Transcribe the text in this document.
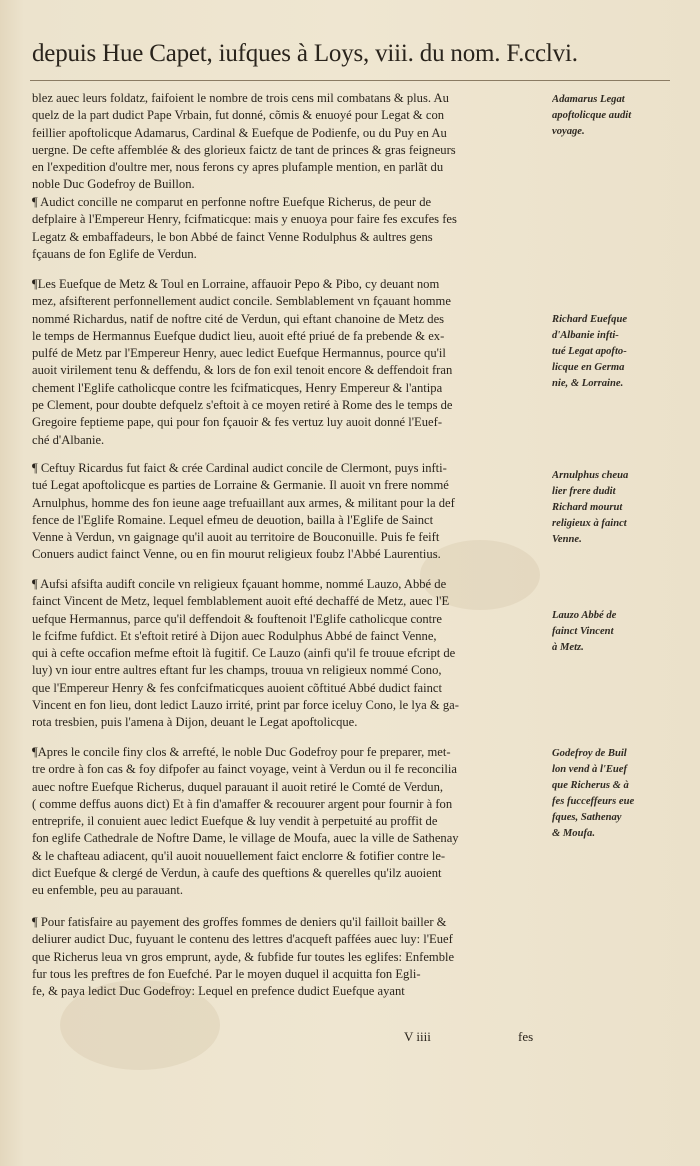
depuis Hue Capet, iufques à Loys, viii. du nom. F.cclvi.
blez auec leurs foldatz, faifoient le nombre de trois cens mil combatans & plus. Au
quelz de la part dudict Pape Vrbain, fut donné, cõmis & enuoyé pour Legat & con
feillier apoftolicque Adamarus, Cardinal & Euefque de Podienfe, ou du Puy en Au
uergne. De cefte affemblée & des glorieux faictz de tant de princes & gras feigneurs
en l'expedition d'oultre mer, nous ferons cy apres plufample mention, en parlãt du
noble Duc Godefroy de Buillon.
¶ Audict concille ne comparut en perfonne noftre Euefque Richerus, de peur de
defplaire à l'Empereur Henry, fcifmaticque: mais y enuoya pour faire fes excufes fes
Legatz & embaffadeurs, le bon Abbé de fainct Venne Rodulphus & aultres gens
fçauans de fon Eglife de Verdun.
¶Les Euefque de Metz & Toul en Lorraine, affauoir Pepo & Pibo, cy deuant nom
mez, afsifterent perfonnellement audict concile. Semblablement vn fçauant homme
nommé Richardus, natif de noftre cité de Verdun, qui eftant chanoine de Metz des
le temps de Hermannus Euefque dudict lieu, auoit efté priué de fa prebende & ex-
pulfé de Metz par l'Empereur Henry, auec ledict Euefque Hermannus, pource qu'il
auoit virilement tenu & deffendu, & lors de fon exil tenoit encore & deffendoit fran
chement l'Eglife catholicque contre les fcifmaticques, Henry Empereur & l'antipa
pe Clement, pour doubte defquelz s'eftoit à ce moyen retiré à Rome des le temps de
Gregoire feptieme pape, qui pour fon fçauoir & fes vertuz luy auoit donné l'Euef-
ché d'Albanie.
¶ Ceftuy Ricardus fut faict & crée Cardinal audict concile de Clermont, puys infti-
tué Legat apoftolicque es parties de Lorraine & Germanie. Il auoit vn frere nommé
Arnulphus, homme des fon ieune aage trefuaillant aux armes, & militant pour la def
fence de l'Eglife Romaine. Lequel efmeu de deuotion, bailla à l'Eglife de Sainct
Venne à Verdun, vn gaignage qu'il auoit au territoire de Bouconuille. Puis fe feift
Conuers audict fainct Venne, ou en fin mourut religieux foubz l'Abbé Laurentius.
¶ Aufsi afsifta audift concile vn religieux fçauant homme, nommé Lauzo, Abbé de
fainct Vincent de Metz, lequel femblablement auoit efté dechaffé de Metz, auec l'E
uefque Hermannus, parce qu'il deffendoit & fouftenoit l'Eglife catholicque contre
le fcifme fufdict. Et s'eftoit retiré à Dijon auec Rodulphus Abbé de fainct Venne,
qui à cefte occafion mefme eftoit là fugitif. Ce Lauzo (ainfi qu'il fe trouue efcript de
luy) vn iour entre aultres eftant fur les champs, trouua vn religieux nommé Cono,
que l'Empereur Henry & fes confcifmaticques auoient cõftitué Abbé dudict fainct
Vincent en fon lieu, dont ledict Lauzo irrité, print par force iceluy Cono, le lya & ga-
rota tresbien, puis l'amena à Dijon, deuant le Legat apoftolicque.
¶Apres le concile finy clos & arrefté, le noble Duc Godefroy pour fe preparer, met-
tre ordre à fon cas & foy difpofer au fainct voyage, veint à Verdun ou il fe reconcilia
auec noftre Euefque Richerus, duquel parauant il auoit retiré le Comté de Verdun,
( comme deffus auons dict) Et à fin d'amaffer & recouurer argent pour fournir à fon
entreprife, il conuient auec ledict Euefque & luy vendit à perpetuité au proffit de
fon eglife Cathedrale de Noftre Dame, le village de Moufa, auec la ville de Sathenay
& le chafteau adiacent, qu'il auoit nouuellement faict enclorre & fotifier contre le-
dict Euefque & clergé de Verdun, à caufe des queftions & querelles qu'ilz auoient
eu enfemble, peu au parauant.
¶ Pour fatisfaire au payement des groffes fommes de deniers qu'il failloit bailler &
deliurer audict Duc, fuyuant le contenu des lettres d'acqueft paffées auec luy: l'Euef
que Richerus leua vn gros emprunt, ayde, & fubfide fur toutes les eglifes: Enfemble
fur tous les preftres de fon Euefché. Par le moyen duquel il acquitta fon Egli-
fe, & paya ledict Duc Godefroy: Lequel en prefence dudict Euefque ayant
Adamarus Legat
apoftolicque audit
voyage.
Richard Euefque
d'Albanie infti-
tué Legat apofto-
licque en Germa
nie, & Lorraine.
Arnulphus cheua
lier frere dudit
Richard mourut
religieux à fainct
Venne.
Lauzo Abbé de
fainct Vincent
à Metz.
Godefroy de Buil
lon vend à l'Euef
que Richerus & à
fes fucceffeurs eue
fques, Sathenay
& Moufa.
V iiii	fes
